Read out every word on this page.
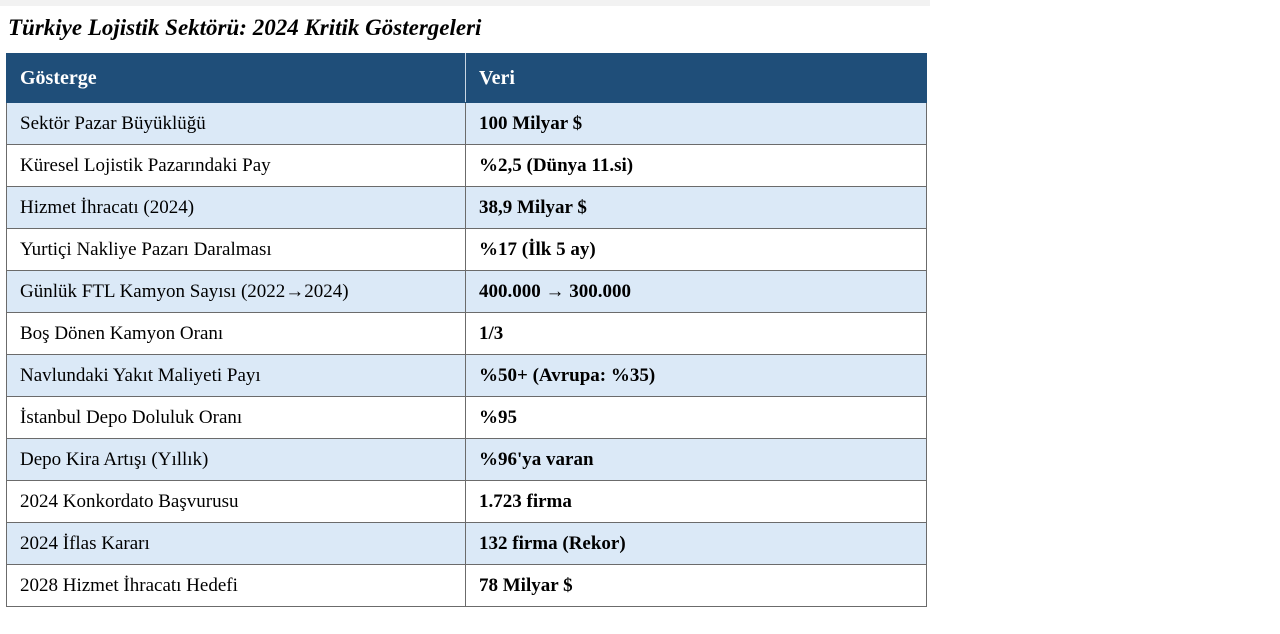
Türkiye Lojistik Sektörü: 2024 Kritik Göstergeleri
Gösterge	Veri
Sektör Pazar Büyüklüğü	100 Milyar $
Küresel Lojistik Pazarındaki Pay	%2,5 (Dünya 11.si)
Hizmet İhracatı (2024)	38,9 Milyar $
Yurtiçi Nakliye Pazarı Daralması	%17 (İlk 5 ay)
Günlük FTL Kamyon Sayısı (2022→2024)	400.000 → 300.000
Boş Dönen Kamyon Oranı	1/3
Navlundaki Yakıt Maliyeti Payı	%50+ (Avrupa: %35)
İstanbul Depo Doluluk Oranı	%95
Depo Kira Artışı (Yıllık)	%96'ya varan
2024 Konkordato Başvurusu	1.723 firma
2024 İflas Kararı	132 firma (Rekor)
2028 Hizmet İhracatı Hedefi	78 Milyar $
